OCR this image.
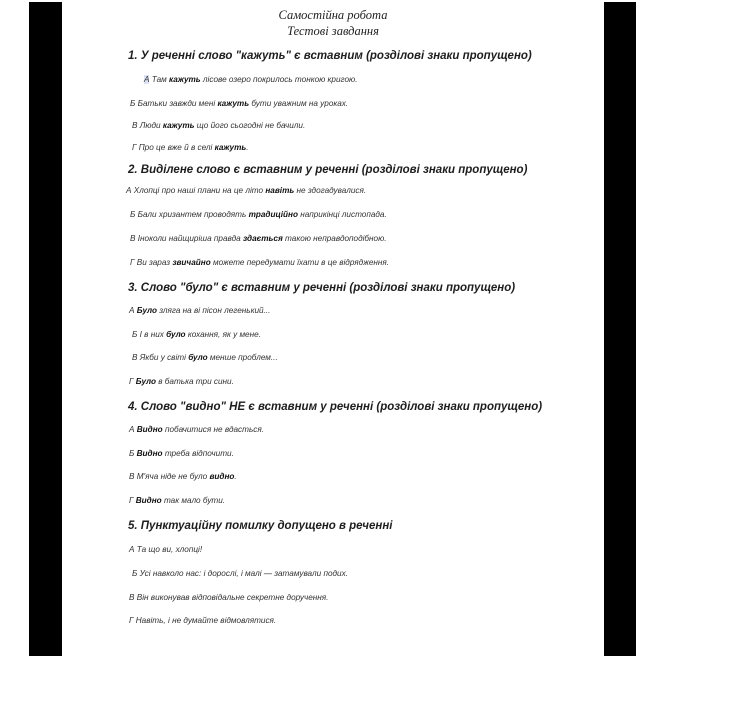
Самостійна робота
Тестові завдання
1. У реченні слово "кажуть" є вставним (розділові знаки пропущено)
А Там кажуть лісове озеро покрилось тонкою кригою.
Б Батьки завжди мені кажуть бути уважним на уроках.
В Люди кажуть що його сьогодні не бачили.
Г Про це вже й в селі кажуть.
2. Виділене слово є вставним у реченні (розділові знаки пропущено)
А Хлопці про наші плани на це літо навіть не здогадувалися.
Б Бали хризантем проводять традиційно наприкінці листопада.
В Іноколи найщиріша правда здається такою неправдоподібною.
Г Ви зараз звичайно можете передумати їхати в це відрядження.
3. Слово "було" є вставним у реченні (розділові знаки пропущено)
А Було зляга на ві пісон легенький...
Б І в них було кохання, як у мене.
В Якби у світі було менше проблем...
Г Було в батька три сини.
4. Слово "видно" НЕ є вставним у реченні (розділові знаки пропущено)
А Видно побачитися не вдасться.
Б Видно треба відпочити.
В М'яча ніде не було видно.
Г Видно так мало бути.
5. Пунктуаційну помилку допущено в реченні
А Та що ви, хлопці!
Б Усі навколо нас: і дорослі, і малі — затамували подих.
В Він виконував відповідальне секретне доручення.
Г Навіть, і не думайте відмовлятися.
